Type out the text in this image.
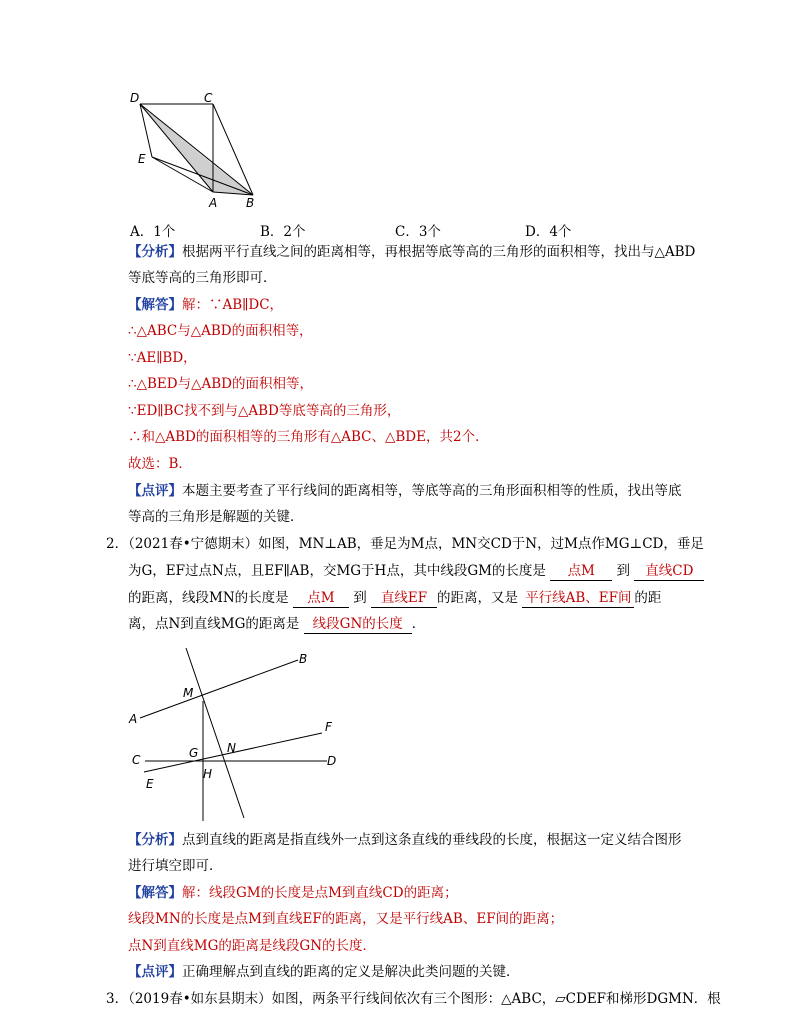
D	C
E
A B
A．1个	B．2个	C．3个	D．4个
【分析】根据两平行直线之间的距离相等，再根据等底等高的三角形的面积相等，找出与△ABD
等底等高的三角形即可．
【解答】解：∵AB∥DC，
∴△ABC与△ABD的面积相等，
∵AE∥BD，
∴△BED与△ABD的面积相等，
∵ED∥BC找不到与△ABD等底等高的三角形，
∴和△ABD的面积相等的三角形有△ABC、△BDE，共2个．
故选：B．
【点评】本题主要考查了平行线间的距离相等，等底等高的三角形面积相等的性质，找出等底
等高的三角形是解题的关键．
2．（2021春•宁德期末）如图，MN⊥AB，垂足为M点，MN交CD于N，过M点作MG⊥CD，垂足
为G，EF过点N点，且EF∥AB，交MG于H点，其中线段GM的长度是 点M 到 直线CD
的距离，线段MN的长度是 点M 到 直线EF 的距离，又是 平行线AB、EF间 的距
离，点N到直线MG的距离是 线段GN的长度 ．
B
M
A
F
G N
C	D
H
E
【分析】点到直线的距离是指直线外一点到这条直线的垂线段的长度，根据这一定义结合图形
进行填空即可．
【解答】解：线段GM的长度是点M到直线CD的距离；
线段MN的长度是点M到直线EF的距离，又是平行线AB、EF间的距离；
点N到直线MG的距离是线段GN的长度．
【点评】正确理解点到直线的距离的定义是解决此类问题的关键．
3．（2019春•如东县期末）如图，两条平行线间依次有三个图形：△ABC，▱CDEF和梯形DGMN．根
